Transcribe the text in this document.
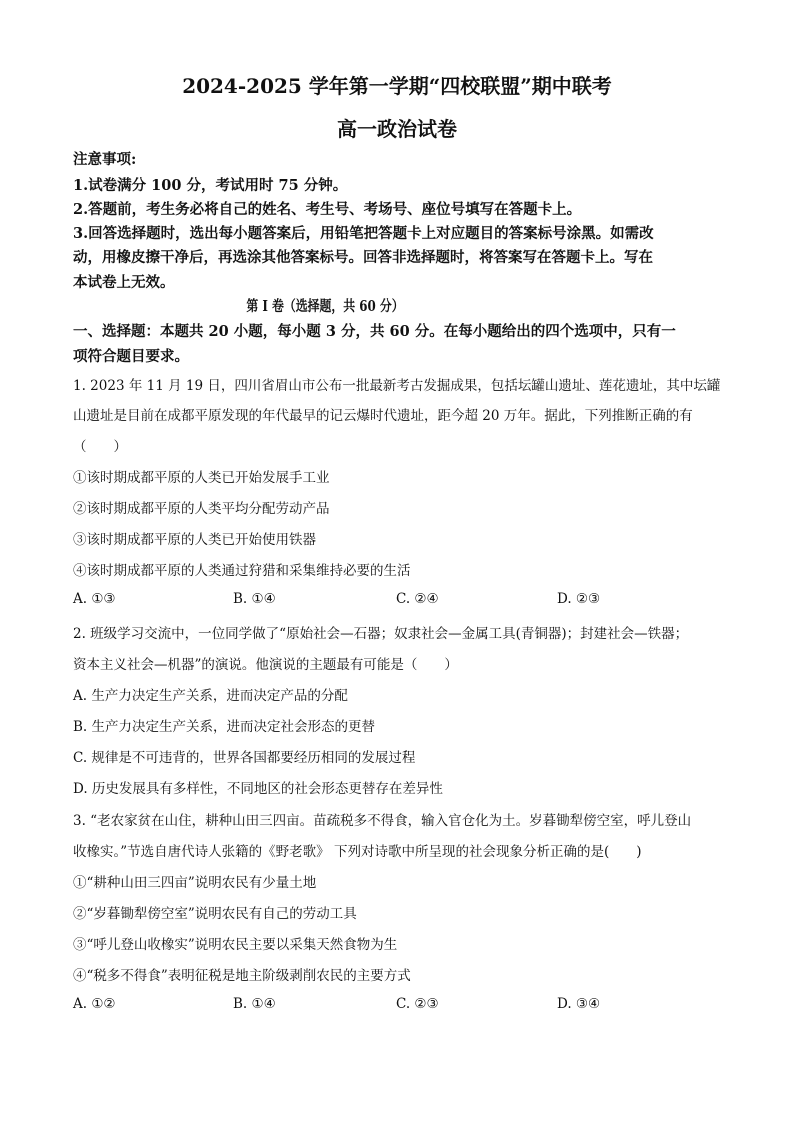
2024-2025 学年第一学期“四校联盟”期中联考
高一政治试卷
注意事项:
1.试卷满分 100 分，考试用时 75 分钟。
2.答题前，考生务必将自己的姓名、考生号、考场号、座位号填写在答题卡上。
3.回答选择题时，选出每小题答案后，用铅笔把答题卡上对应题目的答案标号涂黑。如需改
动，用橡皮擦干净后，再选涂其他答案标号。回答非选择题时，将答案写在答题卡上。写在
本试卷上无效。
第 I 卷（选择题，共 60 分）
一、选择题：本题共 20 小题，每小题 3 分，共 60 分。在每小题给出的四个选项中，只有一
项符合题目要求。
1. 2023 年 11 月 19 日，四川省眉山市公布一批最新考古发掘成果，包括坛罐山遗址、莲花遗址，其中坛罐
山遗址是目前在成都平原发现的年代最早的记云爆时代遗址，距今超 20 万年。据此，下列推断正确的有
（　　）
①该时期成都平原的人类已开始发展手工业
②该时期成都平原的人类平均分配劳动产品
③该时期成都平原的人类已开始使用铁器
④该时期成都平原的人类通过狩猎和采集维持必要的生活
A. ①③	B. ①④	C. ②④	D. ②③
2. 班级学习交流中，一位同学做了“原始社会—石器；奴隶社会—金属工具(青铜器)；封建社会—铁器；
资本主义社会—机器”的演说。他演说的主题最有可能是（　　）
A. 生产力决定生产关系，进而决定产品的分配
B. 生产力决定生产关系，进而决定社会形态的更替
C. 规律是不可违背的，世界各国都要经历相同的发展过程
D. 历史发展具有多样性，不同地区的社会形态更替存在差异性
3. “老农家贫在山住，耕种山田三四亩。苗疏税多不得食，输入官仓化为土。岁暮锄犁傍空室，呼儿登山
收橡实。”节选自唐代诗人张籍的《野老歌》 下列对诗歌中所呈现的社会现象分析正确的是(　　)
①“耕种山田三四亩”说明农民有少量土地
②“岁暮锄犁傍空室”说明农民有自己的劳动工具
③“呼儿登山收橡实”说明农民主要以采集天然食物为生
④“税多不得食”表明征税是地主阶级剥削农民的主要方式
A. ①②	B. ①④	C. ②③	D. ③④
